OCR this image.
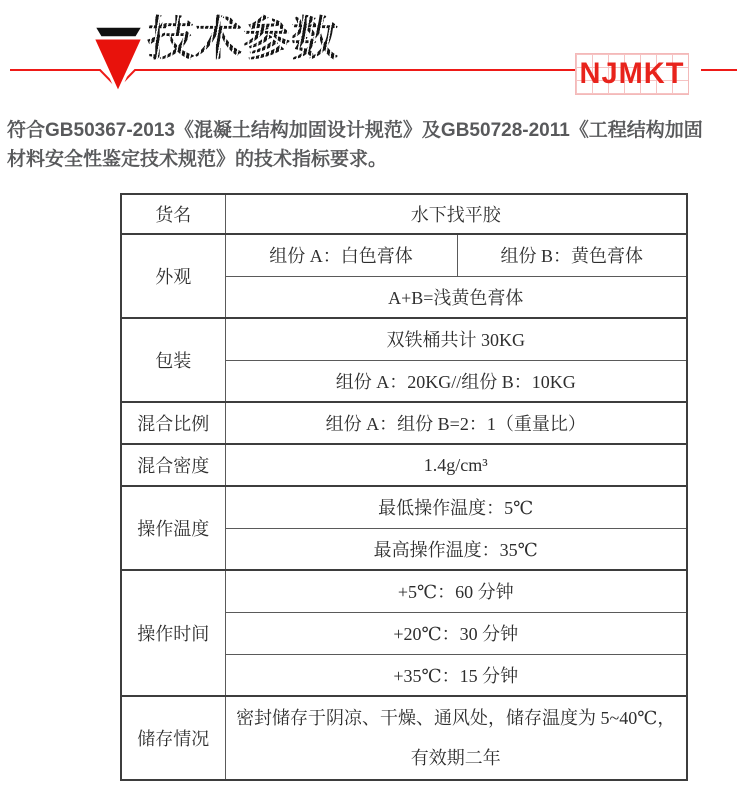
技术参数
NJMKT
符合GB50367-2013《混凝土结构加固设计规范》及GB50728-2011《工程结构加固
材料安全性鉴定技术规范》的技术指标要求。
货名	水下找平胶	
外观	组份 A：白色膏体	组份 B：黄色膏体
	A+B=浅黄色膏体	
包装	双铁桶共计 30KG	
	组份 A：20KG//组份 B：10KG	
混合比例	组份 A：组份 B=2：1（重量比）	
混合密度	1.4g/cm³	
操作温度	最低操作温度：5℃	
	最高操作温度：35℃	
操作时间	+5℃：60 分钟	
	+20℃：30 分钟	
	+35℃：15 分钟	
储存情况	密封储存于阴凉、干燥、通风处，储存温度为 5~40℃，
有效期二年	
